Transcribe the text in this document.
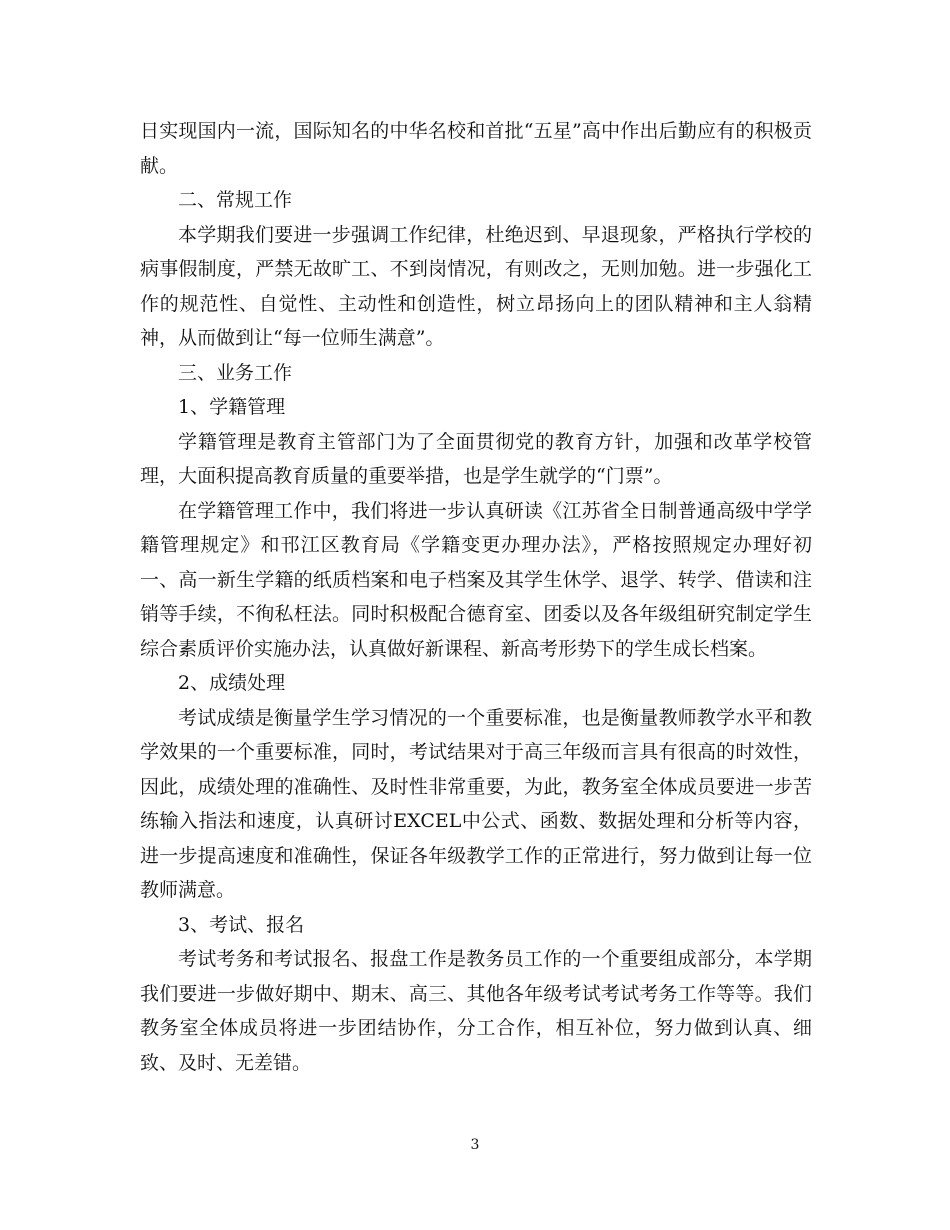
日实现国内一流，国际知名的中华名校和首批“五星”高中作出后勤应有的积极贡献。

二、常规工作

本学期我们要进一步强调工作纪律，杜绝迟到、早退现象，严格执行学校的病事假制度，严禁无故旷工、不到岗情况，有则改之，无则加勉。进一步强化工作的规范性、自觉性、主动性和创造性，树立昂扬向上的团队精神和主人翁精神，从而做到让“每一位师生满意”。

三、业务工作

1、学籍管理

学籍管理是教育主管部门为了全面贯彻党的教育方针，加强和改革学校管理，大面积提高教育质量的重要举措，也是学生就学的“门票”。

在学籍管理工作中，我们将进一步认真研读《江苏省全日制普通高级中学学籍管理规定》和邗江区教育局《学籍变更办理办法》，严格按照规定办理好初一、高一新生学籍的纸质档案和电子档案及其学生休学、退学、转学、借读和注销等手续，不徇私枉法。同时积极配合德育室、团委以及各年级组研究制定学生综合素质评价实施办法，认真做好新课程、新高考形势下的学生成长档案。

2、成绩处理

考试成绩是衡量学生学习情况的一个重要标准，也是衡量教师教学水平和教学效果的一个重要标准，同时，考试结果对于高三年级而言具有很高的时效性，因此，成绩处理的准确性、及时性非常重要，为此，教务室全体成员要进一步苦练输入指法和速度，认真研讨EXCEL中公式、函数、数据处理和分析等内容，进一步提高速度和准确性，保证各年级教学工作的正常进行，努力做到让每一位教师满意。

3、考试、报名

考试考务和考试报名、报盘工作是教务员工作的一个重要组成部分，本学期我们要进一步做好期中、期末、高三、其他各年级考试考试考务工作等等。我们教务室全体成员将进一步团结协作，分工合作，相互补位，努力做到认真、细致、及时、无差错。

3
